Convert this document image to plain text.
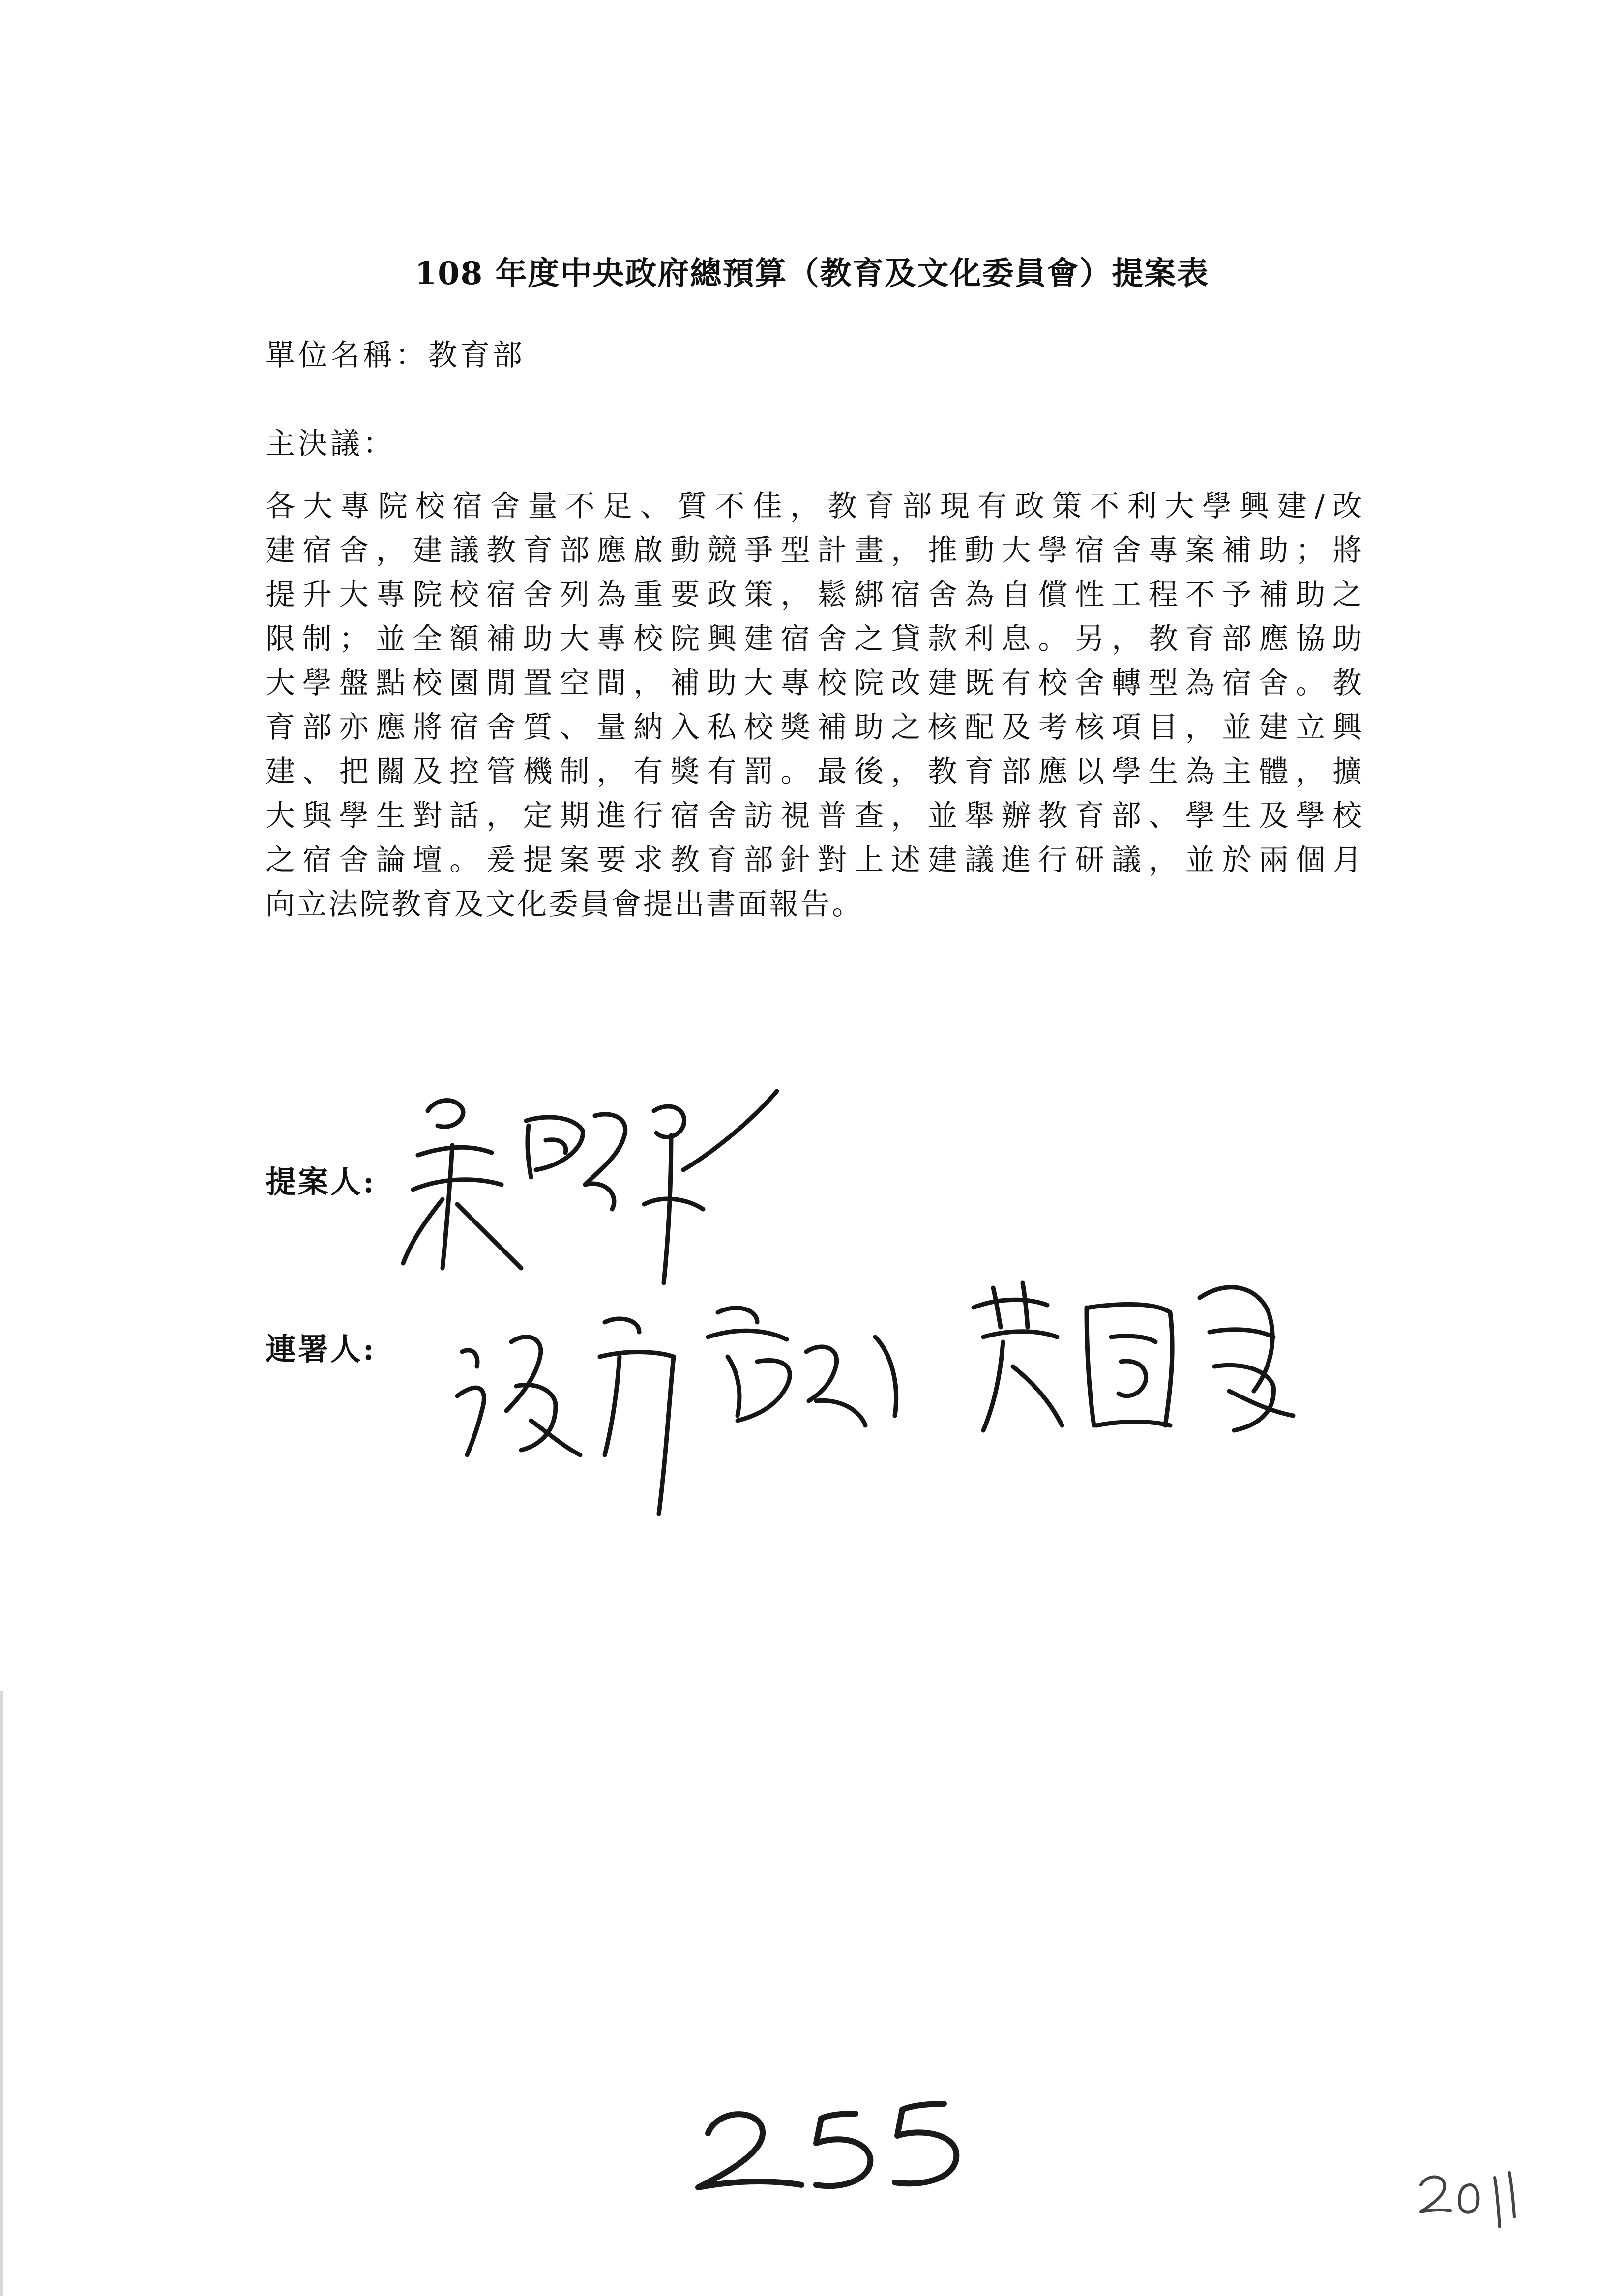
108 年度中央政府總預算（教育及文化委員會）提案表
單位名稱：教育部
主決議：
各大專院校宿舍量不足、質不佳，教育部現有政策不利大學興建/改
建宿舍，建議教育部應啟動競爭型計畫，推動大學宿舍專案補助；將
提升大專院校宿舍列為重要政策，鬆綁宿舍為自償性工程不予補助之
限制；並全額補助大專校院興建宿舍之貸款利息。另，教育部應協助
大學盤點校園閒置空間，補助大專校院改建既有校舍轉型為宿舍。教
育部亦應將宿舍質、量納入私校獎補助之核配及考核項目，並建立興
建、把關及控管機制，有獎有罰。最後，教育部應以學生為主體，擴
大與學生對話，定期進行宿舍訪視普查，並舉辦教育部、學生及學校
之宿舍論壇。爰提案要求教育部針對上述建議進行研議，並於兩個月
向立法院教育及文化委員會提出書面報告。
提案人:
連署人:
